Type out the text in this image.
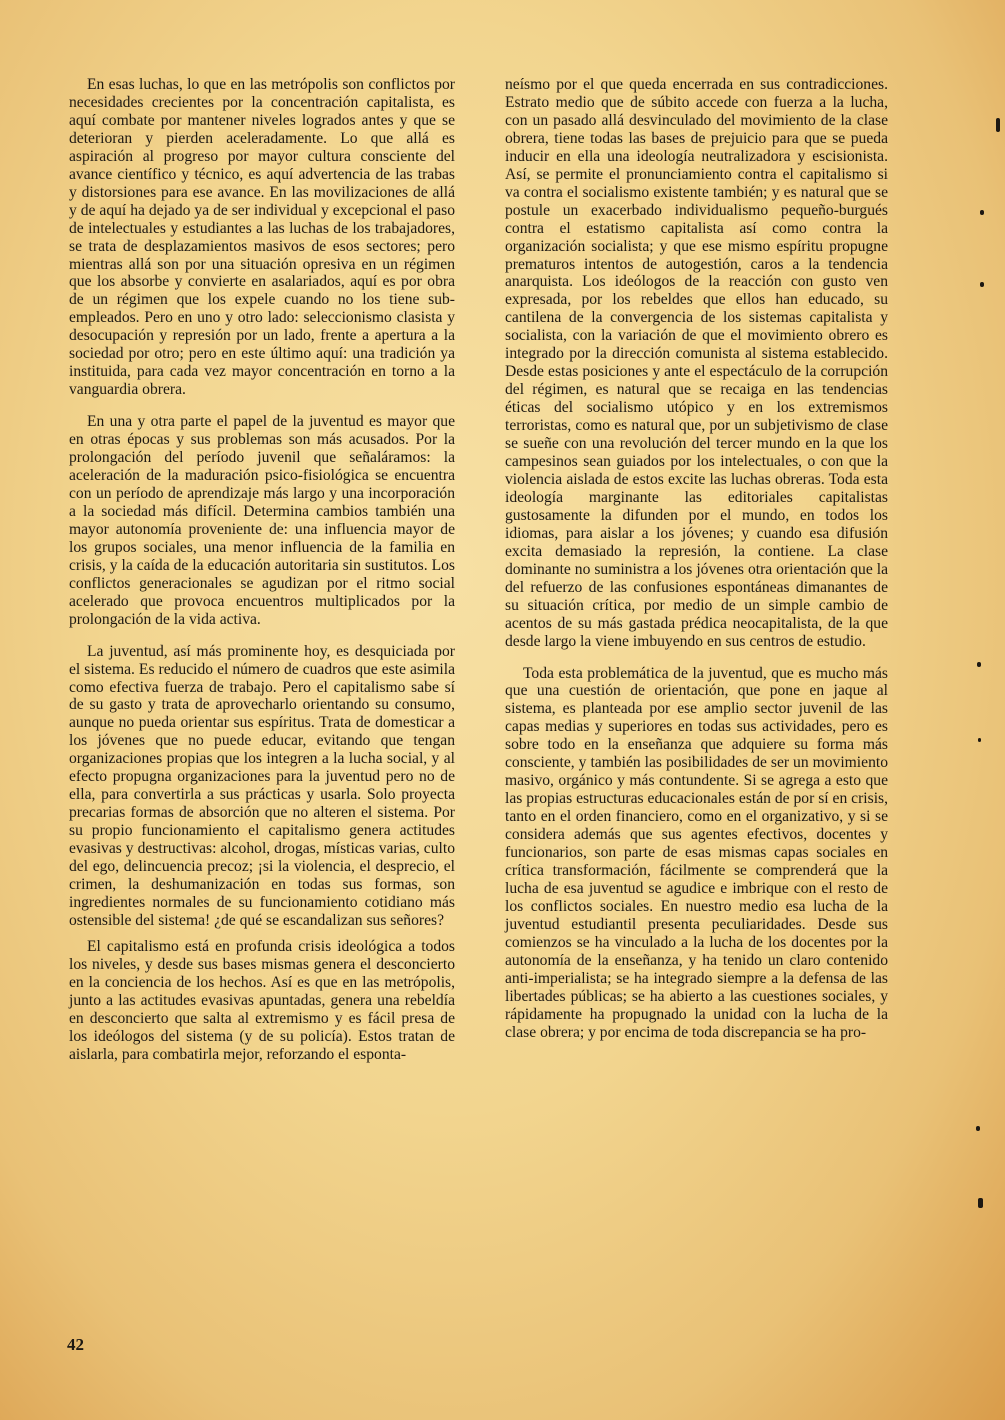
En esas luchas, lo que en las metrópolis son conflictos por necesidades crecientes por la concentración capitalista, es aquí combate por mantener niveles logrados antes y que se deterioran y pierden aceleradamente. Lo que allá es aspiración al progreso por mayor cultura consciente del avance científico y técnico, es aquí advertencia de las trabas y distorsiones para ese avance. En las movilizaciones de allá y de aquí ha dejado ya de ser individual y excepcional el paso de intelectuales y estudiantes a las luchas de los trabajadores, se trata de desplazamientos masivos de esos sectores; pero mientras allá son por una situación opresiva en un régimen que los absorbe y convierte en asalariados, aquí es por obra de un régimen que los expele cuando no los tiene sub-empleados. Pero en uno y otro lado: seleccionismo clasista y desocupación y represión por un lado, frente a apertura a la sociedad por otro; pero en este último aquí: una tradición ya instituida, para cada vez mayor concentración en torno a la vanguardia obrera.

En una y otra parte el papel de la juventud es mayor que en otras épocas y sus problemas son más acusados. Por la prolongación del período juvenil que señaláramos: la aceleración de la maduración psico-fisiológica se encuentra con un período de aprendizaje más largo y una incorporación a la sociedad más difícil. Determina cambios también una mayor autonomía proveniente de: una influencia mayor de los grupos sociales, una menor influencia de la familia en crisis, y la caída de la educación autoritaria sin sustitutos. Los conflictos generacionales se agudizan por el ritmo social acelerado que provoca encuentros multiplicados por la prolongación de la vida activa.

La juventud, así más prominente hoy, es desquiciada por el sistema. Es reducido el número de cuadros que este asimila como efectiva fuerza de trabajo. Pero el capitalismo sabe sí de su gasto y trata de aprovecharlo orientando su consumo, aunque no pueda orientar sus espíritus. Trata de domesticar a los jóvenes que no puede educar, evitando que tengan organizaciones propias que los integren a la lucha social, y al efecto propugna organizaciones para la juventud pero no de ella, para convertirla a sus prácticas y usarla. Solo proyecta precarias formas de absorción que no alteren el sistema. Por su propio funcionamiento el capitalismo genera actitudes evasivas y destructivas: alcohol, drogas, místicas varias, culto del ego, delincuencia precoz; ¡si la violencia, el desprecio, el crimen, la deshumanización en todas sus formas, son ingredientes normales de su funcionamiento cotidiano más ostensible del sistema! ¿de qué se escandalizan sus señores?

El capitalismo está en profunda crisis ideológica a todos los niveles, y desde sus bases mismas genera el desconcierto en la conciencia de los hechos. Así es que en las metrópolis, junto a las actitudes evasivas apuntadas, genera una rebeldía en desconcierto que salta al extremismo y es fácil presa de los ideólogos del sistema (y de su policía). Estos tratan de aislarla, para combatirla mejor, reforzando el esponta-

neísmo por el que queda encerrada en sus contradicciones. Estrato medio que de súbito accede con fuerza a la lucha, con un pasado allá desvinculado del movimiento de la clase obrera, tiene todas las bases de prejuicio para que se pueda inducir en ella una ideología neutralizadora y escisionista. Así, se permite el pronunciamiento contra el capitalismo si va contra el socialismo existente también; y es natural que se postule un exacerbado individualismo pequeño-burgués contra el estatismo capitalista así como contra la organización socialista; y que ese mismo espíritu propugne prematuros intentos de autogestión, caros a la tendencia anarquista. Los ideólogos de la reacción con gusto ven expresada, por los rebeldes que ellos han educado, su cantilena de la convergencia de los sistemas capitalista y socialista, con la variación de que el movimiento obrero es integrado por la dirección comunista al sistema establecido. Desde estas posiciones y ante el espectáculo de la corrupción del régimen, es natural que se recaiga en las tendencias éticas del socialismo utópico y en los extremismos terroristas, como es natural que, por un subjetivismo de clase se sueñe con una revolución del tercer mundo en la que los campesinos sean guiados por los intelectuales, o con que la violencia aislada de estos excite las luchas obreras. Toda esta ideología marginante las editoriales capitalistas gustosamente la difunden por el mundo, en todos los idiomas, para aislar a los jóvenes; y cuando esa difusión excita demasiado la represión, la contiene. La clase dominante no suministra a los jóvenes otra orientación que la del refuerzo de las confusiones espontáneas dimanantes de su situación crítica, por medio de un simple cambio de acentos de su más gastada prédica neocapitalista, de la que desde largo la viene imbuyendo en sus centros de estudio.

Toda esta problemática de la juventud, que es mucho más que una cuestión de orientación, que pone en jaque al sistema, es planteada por ese amplio sector juvenil de las capas medias y superiores en todas sus actividades, pero es sobre todo en la enseñanza que adquiere su forma más consciente, y también las posibilidades de ser un movimiento masivo, orgánico y más contundente. Si se agrega a esto que las propias estructuras educacionales están de por sí en crisis, tanto en el orden financiero, como en el organizativo, y si se considera además que sus agentes efectivos, docentes y funcionarios, son parte de esas mismas capas sociales en crítica transformación, fácilmente se comprenderá que la lucha de esa juventud se agudice e imbrique con el resto de los conflictos sociales. En nuestro medio esa lucha de la juventud estudiantil presenta peculiaridades. Desde sus comienzos se ha vinculado a la lucha de los docentes por la autonomía de la enseñanza, y ha tenido un claro contenido anti-imperialista; se ha integrado siempre a la defensa de las libertades públicas; se ha abierto a las cuestiones sociales, y rápidamente ha propugnado la unidad con la lucha de la clase obrera; y por encima de toda discrepancia se ha pro-

42
